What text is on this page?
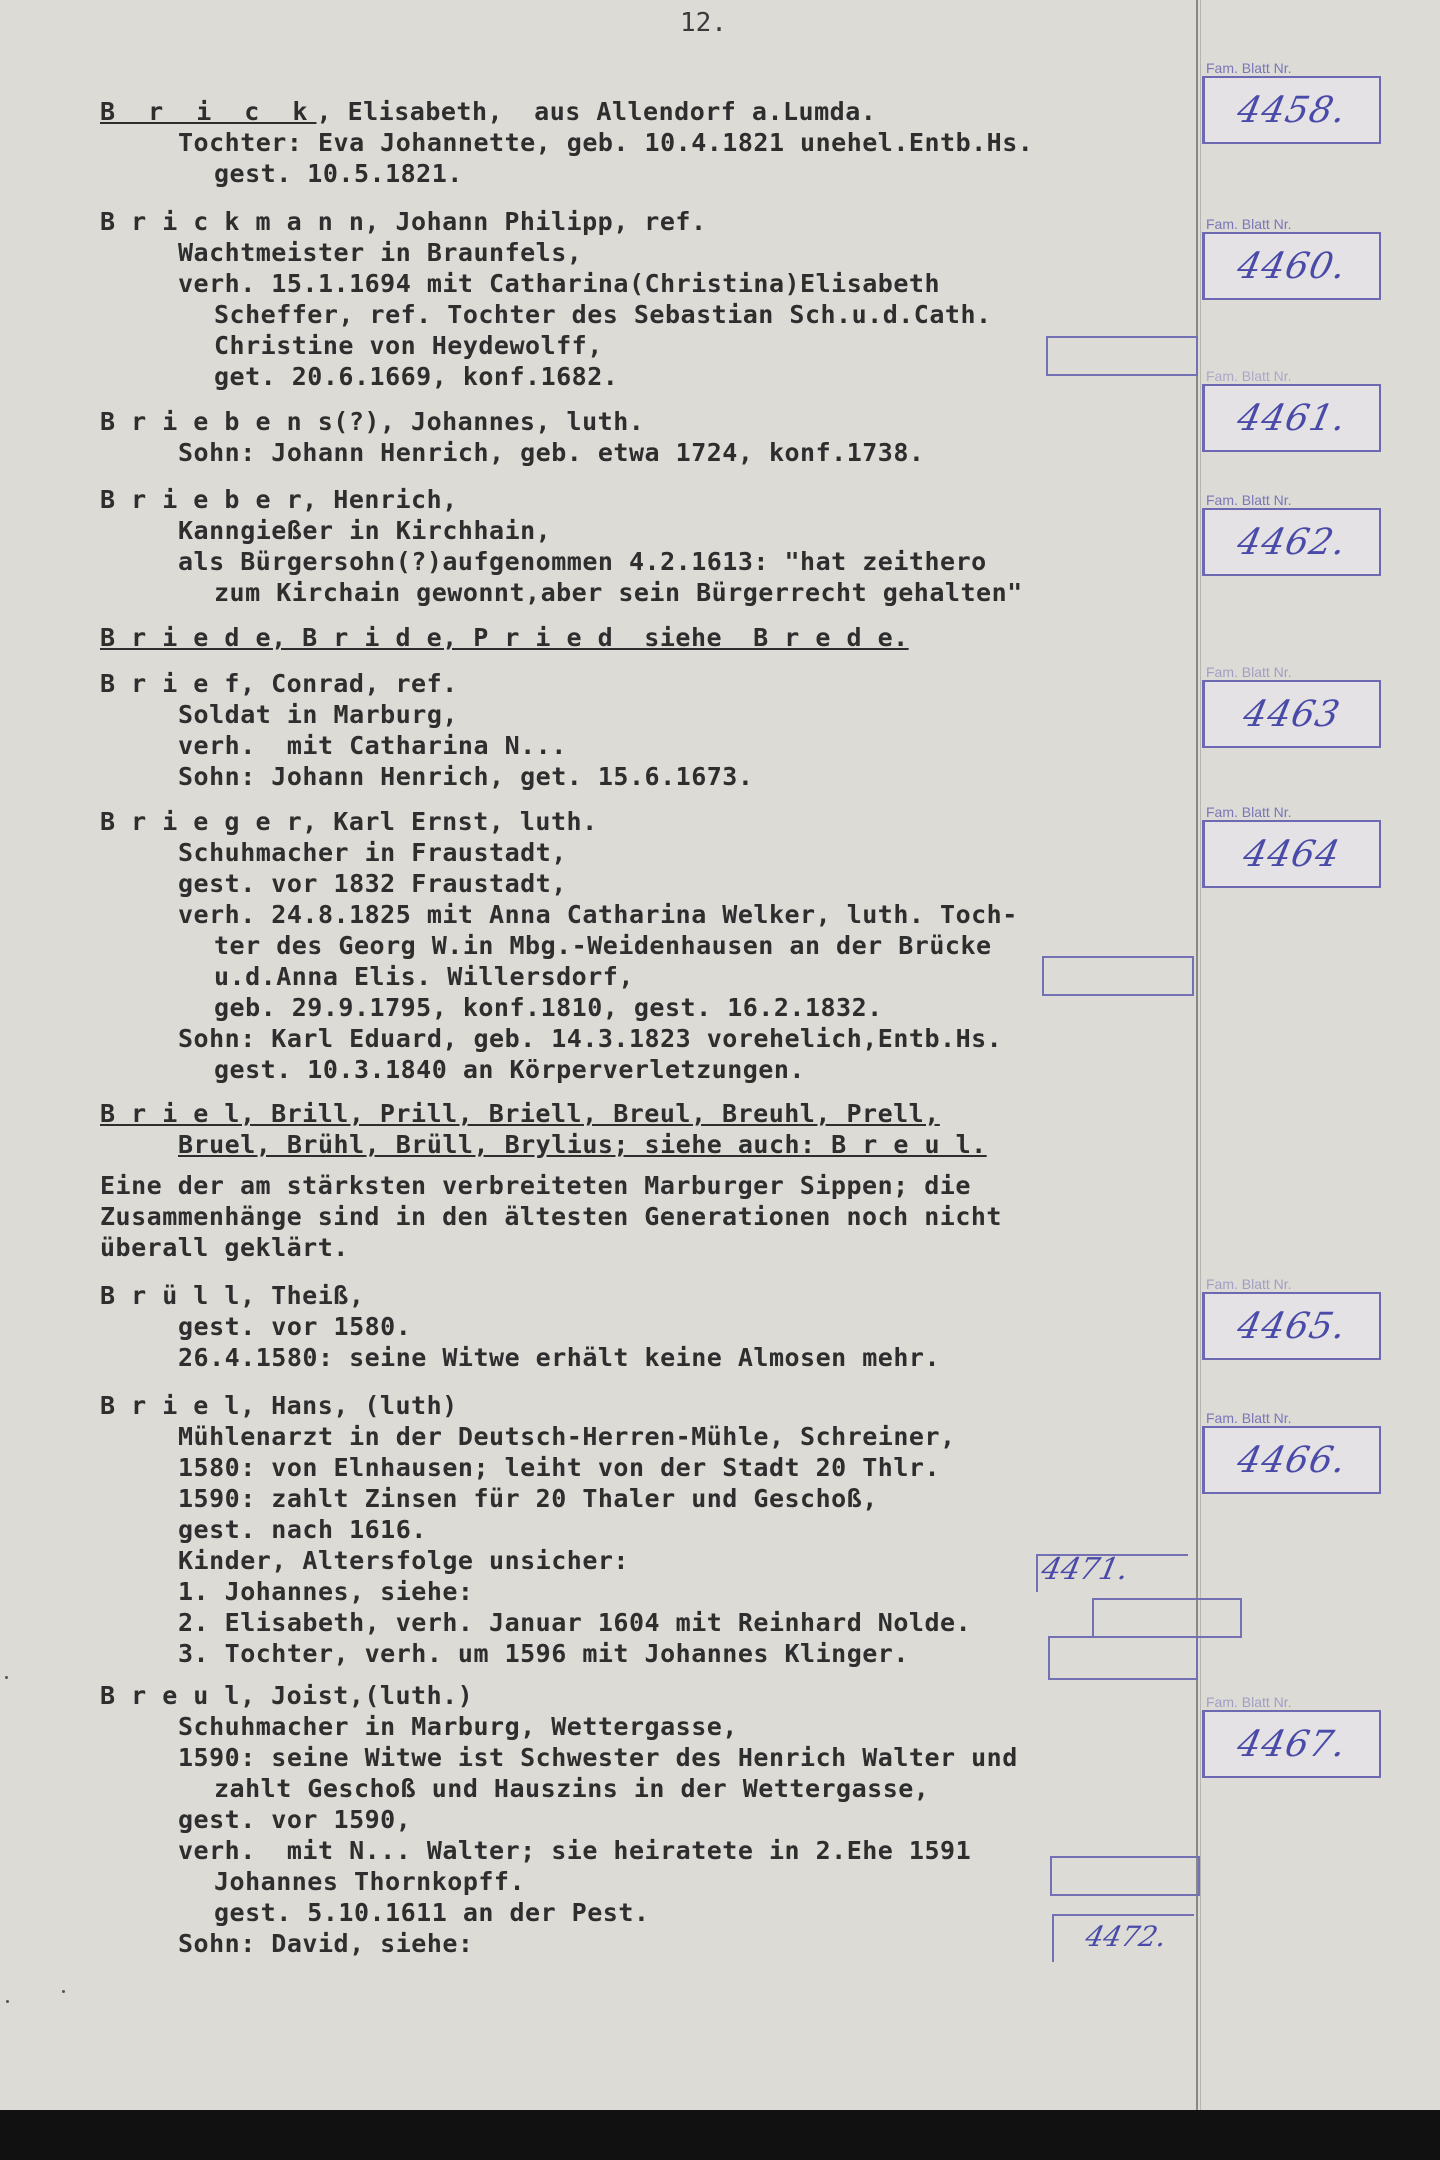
12.
B r i c k, Elisabeth,  aus Allendorf a.Lumda.
Tochter: Eva Johannette, geb. 10.4.1821 unehel.Entb.Hs.
gest. 10.5.1821.
B r i c k m a n n, Johann Philipp, ref.
Wachtmeister in Braunfels,
verh. 15.1.1694 mit Catharina(Christina)Elisabeth
Scheffer, ref. Tochter des Sebastian Sch.u.d.Cath.
Christine von Heydewolff,
get. 20.6.1669, konf.1682.
B r i e b e n s(?), Johannes, luth.
Sohn: Johann Henrich, geb. etwa 1724, konf.1738.
B r i e b e r, Henrich,
Kanngießer in Kirchhain,
als Bürgersohn(?)aufgenommen 4.2.1613: "hat zeithero
zum Kirchain gewonnt,aber sein Bürgerrecht gehalten"
B r i e d e, B r i d e, P r i e d  siehe  B r e d e.
B r i e f, Conrad, ref.
Soldat in Marburg,
verh.  mit Catharina N...
Sohn: Johann Henrich, get. 15.6.1673.
B r i e g e r, Karl Ernst, luth.
Schuhmacher in Fraustadt,
gest. vor 1832 Fraustadt,
verh. 24.8.1825 mit Anna Catharina Welker, luth. Toch-
ter des Georg W.in Mbg.-Weidenhausen an der Brücke
u.d.Anna Elis. Willersdorf,
geb. 29.9.1795, konf.1810, gest. 16.2.1832.
Sohn: Karl Eduard, geb. 14.3.1823 vorehelich,Entb.Hs.
gest. 10.3.1840 an Körperverletzungen.
B r i e l, Brill, Prill, Briell, Breul, Breuhl, Prell,
Bruel, Brühl, Brüll, Brylius; siehe auch: B r e u l.
Eine der am stärksten verbreiteten Marburger Sippen; die
Zusammenhänge sind in den ältesten Generationen noch nicht
überall geklärt.
B r ü l l, Theiß,
gest. vor 1580.
26.4.1580: seine Witwe erhält keine Almosen mehr.
B r i e l, Hans, (luth)
Mühlenarzt in der Deutsch-Herren-Mühle, Schreiner,
1580: von Elnhausen; leiht von der Stadt 20 Thlr.
1590: zahlt Zinsen für 20 Thaler und Geschoß,
gest. nach 1616.
Kinder, Altersfolge unsicher:
1. Johannes, siehe:
2. Elisabeth, verh. Januar 1604 mit Reinhard Nolde.
3. Tochter, verh. um 1596 mit Johannes Klinger.
B r e u l, Joist,(luth.)
Schuhmacher in Marburg, Wettergasse,
1590: seine Witwe ist Schwester des Henrich Walter und
zahlt Geschoß und Hauszins in der Wettergasse,
gest. vor 1590,
verh.  mit N... Walter; sie heiratete in 2.Ehe 1591
Johannes Thornkopff.
gest. 5.10.1611 an der Pest.
Sohn: David, siehe:
Fam. Blatt Nr.
4458.
Fam. Blatt Nr.
4460.
Fam. Blatt Nr.
4461.
Fam. Blatt Nr.
4462.
Fam. Blatt Nr.
4463
Fam. Blatt Nr.
4464
Fam. Blatt Nr.
4465.
Fam. Blatt Nr.
4466.
Fam. Blatt Nr.
4467.
4471.
4472.
